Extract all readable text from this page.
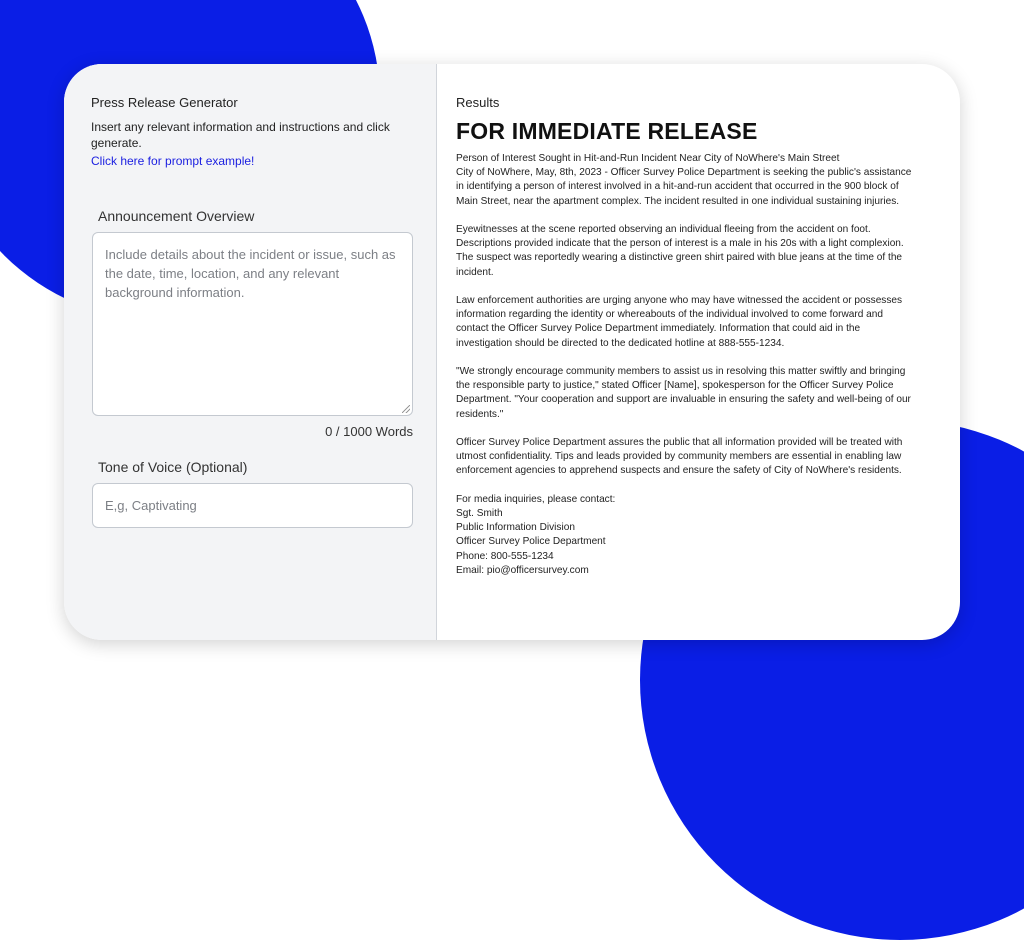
Press Release Generator
Insert any relevant information and instructions and click generate.
Click here for prompt example!
Announcement Overview
Include details about the incident or issue, such as the date, time, location, and any relevant background information.
0 / 1000 Words
Tone of Voice (Optional)
E,g, Captivating
Results
FOR IMMEDIATE RELEASE

Person of Interest Sought in Hit-and-Run Incident Near City of NoWhere's Main Street
City of NoWhere, May, 8th, 2023 - Officer Survey Police Department is seeking the public's assistance in identifying a person of interest involved in a hit-and-run accident that occurred in the 900 block of Main Street, near the apartment complex. The incident resulted in one individual sustaining injuries.

Eyewitnesses at the scene reported observing an individual fleeing from the accident on foot. Descriptions provided indicate that the person of interest is a male in his 20s with a light complexion. The suspect was reportedly wearing a distinctive green shirt paired with blue jeans at the time of the incident.

Law enforcement authorities are urging anyone who may have witnessed the accident or possesses information regarding the identity or whereabouts of the individual involved to come forward and contact the Officer Survey Police Department immediately. Information that could aid in the investigation should be directed to the dedicated hotline at 888-555-1234.

"We strongly encourage community members to assist us in resolving this matter swiftly and bringing the responsible party to justice," stated Officer [Name], spokesperson for the Officer Survey Police Department. "Your cooperation and support are invaluable in ensuring the safety and well-being of our residents."

Officer Survey Police Department assures the public that all information provided will be treated with utmost confidentiality. Tips and leads provided by community members are essential in enabling law enforcement agencies to apprehend suspects and ensure the safety of City of NoWhere's residents.

For media inquiries, please contact:
Sgt. Smith
Public Information Division
Officer Survey Police Department
Phone: 800-555-1234
Email: pio@officersurvey.com
